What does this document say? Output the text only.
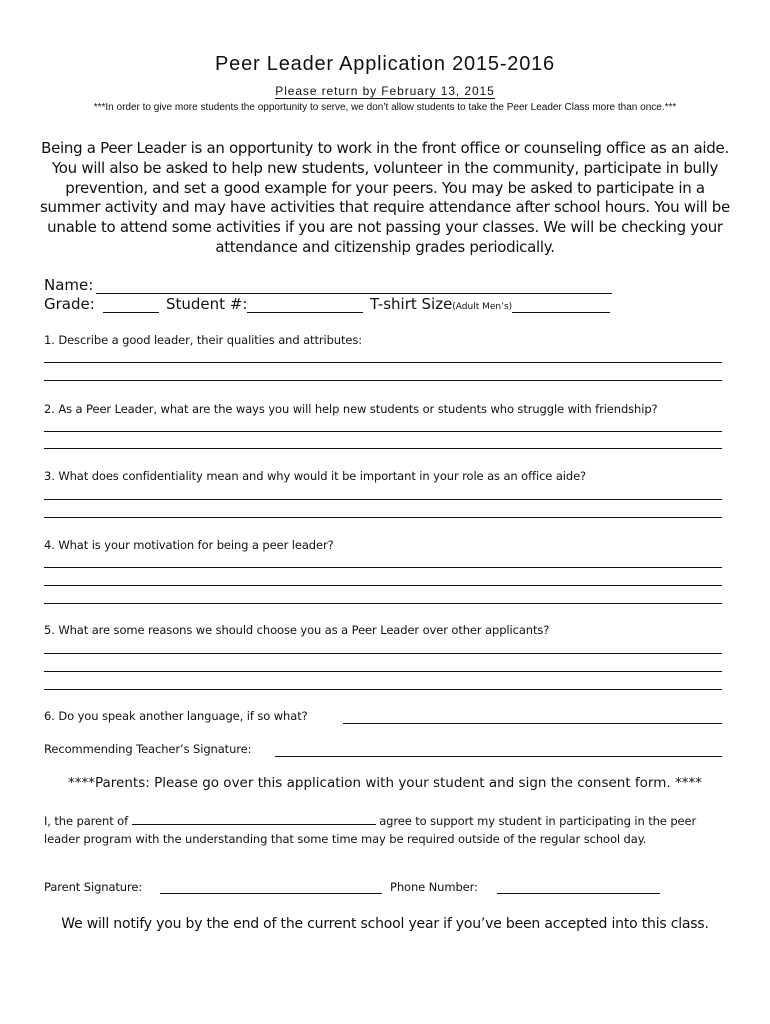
Peer Leader Application 2015-2016
Please return by February 13, 2015
***In order to give more students the opportunity to serve, we don’t allow students to take the Peer Leader Class more than once.***
Being a Peer Leader is an opportunity to work in the front office or counseling office as an aide. You will also be asked to help new students, volunteer in the community, participate in bully prevention, and set a good example for your peers. You may be asked to participate in a summer activity and may have activities that require attendance after school hours. You will be unable to attend some activities if you are not passing your classes. We will be checking your attendance and citizenship grades periodically.
Name:
Grade:	Student #:	T-shirt Size(Adult Men’s)
1. Describe a good leader, their qualities and attributes:
2. As a Peer Leader, what are the ways you will help new students or students who struggle with friendship?
3. What does confidentiality mean and why would it be important in your role as an office aide?
4. What is your motivation for being a peer leader?
5. What are some reasons we should choose you as a Peer Leader over other applicants?
6. Do you speak another language, if so what?
Recommending Teacher’s Signature:
****Parents: Please go over this application with your student and sign the consent form. ****
I, the parent of	agree to support my student in participating in the peer leader program with the understanding that some time may be required outside of the regular school day.
Parent Signature:	Phone Number:
We will notify you by the end of the current school year if you’ve been accepted into this class.
